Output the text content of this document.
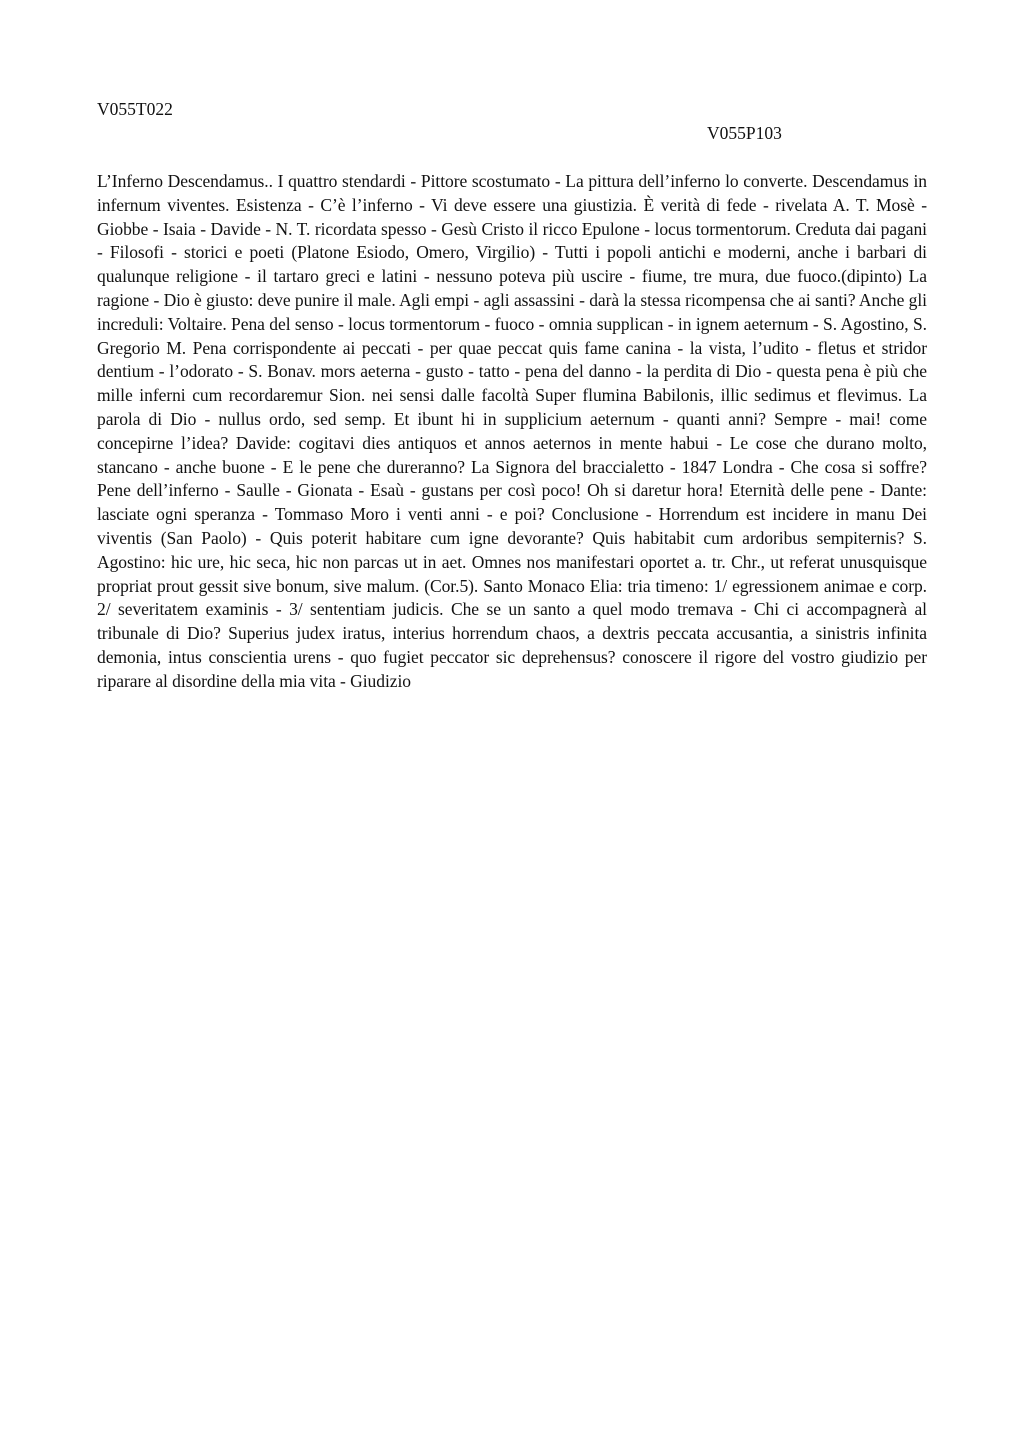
V055T022

V055P103

L’Inferno Descendamus.. I quattro stendardi - Pittore scostumato - La pittura dell’inferno lo converte. Descendamus in infernum viventes. Esistenza - C’è l’inferno - Vi deve essere una giustizia. È verità di fede - rivelata A. T. Mosè - Giobbe - Isaia - Davide - N. T. ricordata spesso - Gesù Cristo il ricco Epulone - locus tormentorum. Creduta dai pagani - Filosofi - storici e poeti (Platone Esiodo, Omero, Virgilio) - Tutti i popoli antichi e moderni, anche i barbari di qualunque religione - il tartaro greci e latini - nessuno poteva più uscire - fiume, tre mura, due fuoco.(dipinto) La ragione - Dio è giusto: deve punire il male. Agli empi - agli assassini - darà la stessa ricompensa che ai santi? Anche gli increduli: Voltaire. Pena del senso - locus tormentorum - fuoco - omnia supplican - in ignem aeternum - S. Agostino, S. Gregorio M. Pena corrispondente ai peccati - per quae peccat quis fame canina - la vista, l’udito - fletus et stridor dentium - l’odorato - S. Bonav. mors aeterna - gusto - tatto - pena del danno - la perdita di Dio - questa pena è più che mille inferni cum recordaremur Sion. nei sensi dalle facoltà Super flumina Babilonis, illic sedimus et flevimus. La parola di Dio - nullus ordo, sed semp. Et ibunt hi in supplicium aeternum - quanti anni? Sempre - mai! come concepirne l’idea? Davide: cogitavi dies antiquos et annos aeternos in mente habui - Le cose che durano molto, stancano - anche buone - E le pene che dureranno? La Signora del braccialetto - 1847 Londra - Che cosa si soffre? Pene dell’inferno - Saulle - Gionata - Esaù - gustans per così poco! Oh si daretur hora! Eternità delle pene - Dante: lasciate ogni speranza - Tommaso Moro i venti anni - e poi? Conclusione - Horrendum est incidere in manu Dei viventis (San Paolo) - Quis poterit habitare cum igne devorante? Quis habitabit cum ardoribus sempiternis? S. Agostino: hic ure, hic seca, hic non parcas ut in aet. Omnes nos manifestari oportet a. tr. Chr., ut referat unusquisque propriat prout gessit sive bonum, sive malum. (Cor.5). Santo Monaco Elia: tria timeno: 1/ egressionem animae e corp. 2/ severitatem examinis - 3/ sententiam judicis. Che se un santo a quel modo tremava - Chi ci accompagnerà al tribunale di Dio? Superius judex iratus, interius horrendum chaos, a dextris peccata accusantia, a sinistris infinita demonia, intus conscientia urens - quo fugiet peccator sic deprehensus? conoscere il rigore del vostro giudizio per riparare al disordine della mia vita - Giudizio
